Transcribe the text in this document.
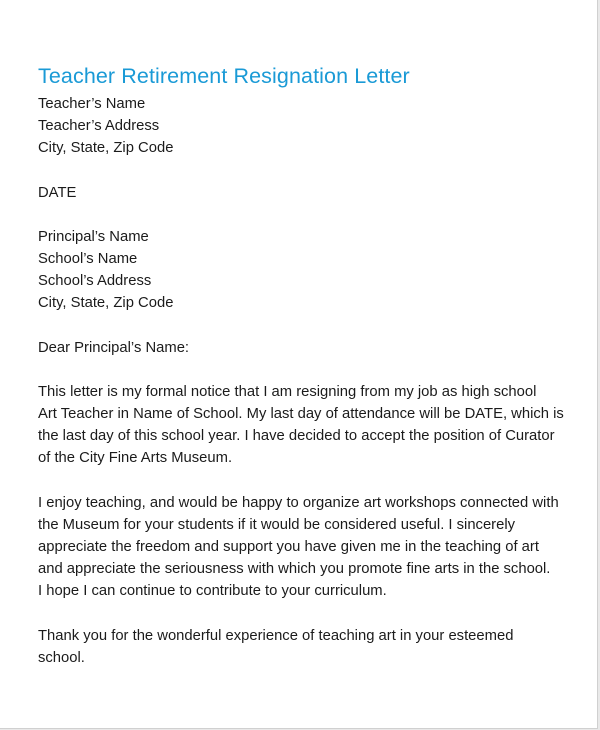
Teacher Retirement Resignation Letter
Teacher’s Name
Teacher’s Address
City, State, Zip Code
DATE
Principal’s Name
School’s Name
School’s Address
City, State, Zip Code
Dear Principal’s Name:
This letter is my formal notice that I am resigning from my job as high school
Art Teacher in Name of School. My last day of attendance will be DATE, which is
the last day of this school year. I have decided to accept the position of Curator
of the City Fine Arts Museum.
I enjoy teaching, and would be happy to organize art workshops connected with
the Museum for your students if it would be considered useful. I sincerely
appreciate the freedom and support you have given me in the teaching of art
and appreciate the seriousness with which you promote fine arts in the school.
I hope I can continue to contribute to your curriculum.
Thank you for the wonderful experience of teaching art in your esteemed
school.
